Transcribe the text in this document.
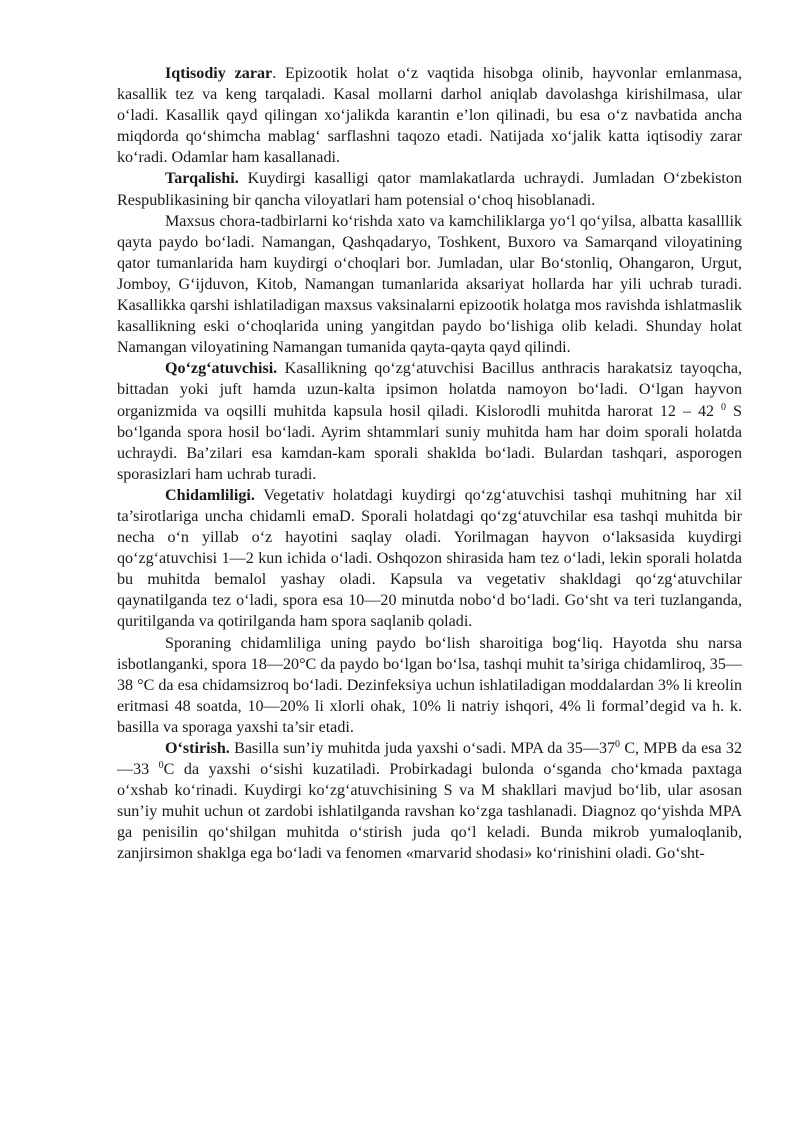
Iqtisodiy zarar. Epizootik holat o‘z vaqtida hisobga olinib, hayvonlar emlanmasa, kasallik tez va keng tarqaladi. Kasal mollarni darhol aniqlab davolashga kirishilmasa, ular o‘ladi. Kasallik qayd qilingan xo‘jalikda karantin e’lon qilinadi, bu esa o‘z navbatida ancha miqdorda qo‘shimcha mablag‘ sarflashni taqozo etadi. Natijada xo‘jalik katta iqtisodiy zarar ko‘radi. Odamlar ham kasallanadi.

Tarqalishi. Kuydirgi kasalligi qator mamlakatlarda uchraydi. Jumladan O‘zbekiston Respublikasining bir qancha viloyatlari ham potensial o‘choq hisoblanadi.

Maxsus chora-tadbirlarni ko‘rishda xato va kamchiliklarga yo‘l qo‘yilsa, albatta kasalllik qayta paydo bo‘ladi. Namangan, Qashqadaryo, Toshkent, Buxoro va Samarqand viloyatining qator tumanlarida ham kuydirgi o‘choqlari bor. Jumladan, ular Bo‘stonliq, Ohangaron, Urgut, Jomboy, G‘ijduvon, Kitob, Namangan tumanlarida aksariyat hollarda har yili uchrab turadi. Kasallikka qarshi ishlatiladigan maxsus vaksinalarni epizootik holatga mos ravishda ishlatmaslik kasallikning eski o‘choqlarida uning yangitdan paydo bo‘lishiga olib keladi. Shunday holat Namangan viloyatining Namangan tumanida qayta-qayta qayd qilindi.

Qo‘zg‘atuvchisi. Kasallikning qo‘zg‘atuvchisi Bacillus anthracis harakatsiz tayoqcha, bittadan yoki juft hamda uzun-kalta ipsimon holatda namoyon bo‘ladi. O‘lgan hayvon organizmida va oqsilli muhitda kapsula hosil qiladi. Kislorodli muhitda harorat 12 – 42 $^0$ S bo‘lganda spora hosil bo‘ladi. Ayrim shtammlari suniy muhitda ham har doim sporali holatda uchraydi. Ba’zilari esa kamdan-kam sporali shaklda bo‘ladi. Bulardan tashqari, asporogen sporasizlari ham uchrab turadi.

Chidamliligi. Vegetativ holatdagi kuydirgi qo‘zg‘atuvchisi tashqi muhitning har xil ta’sirotlariga uncha chidamli emaD. Sporali holatdagi qo‘zg‘atuvchilar esa tashqi muhitda bir necha o‘n yillab o‘z hayotini saqlay oladi. Yorilmagan hayvon o‘laksasida kuydirgi qo‘zg‘atuvchisi 1—2 kun ichida o‘ladi. Oshqozon shirasida ham tez o‘ladi, lekin sporali holatda bu muhitda bemalol yashay oladi. Kapsula va vegetativ shakldagi qo‘zg‘atuvchilar qaynatilganda tez o‘ladi, spora esa 10—20 minutda nobo‘d bo‘ladi. Go‘sht va teri tuzlanganda, quritilganda va qotirilganda ham spora saqlanib qoladi.

Sporaning chidamliliga uning paydo bo‘lish sharoitiga bog‘liq. Hayotda shu narsa isbotlanganki, spora 18—20°C da paydo bo‘lgan bo‘lsa, tashqi muhit ta’siriga chidamliroq, 35—38 °C da esa chidamsizroq bo‘ladi. Dezinfeksiya uchun ishlatiladigan moddalardan 3% li kreolin eritmasi 48 soatda, 10—20% li xlorli ohak, 10% li natriy ishqori, 4% li formal’degid va h. k. basilla va sporaga yaxshi ta’sir etadi.

O‘stirish. Basilla sun’iy muhitda juda yaxshi o‘sadi. MPA da $35—37^0$ C, MPB da esa 32—33 $^0$C da yaxshi o‘sishi kuzatiladi. Probirkadagi bulonda o‘sganda cho‘kmada paxtaga o‘xshab ko‘rinadi. Kuydirgi ko‘zg‘atuvchisining S va M shakllari mavjud bo‘lib, ular asosan sun’iy muhit uchun ot zardobi ishlatilganda ravshan ko‘zga tashlanadi. Diagnoz qo‘yishda MPA ga penisilin qo‘shilgan muhitda o‘stirish juda qo‘l keladi. Bunda mikrob yumaloqlanib, zanjirsimon shaklga ega bo‘ladi va fenomen «marvarid shodasi» ko‘rinishini oladi. Go‘sht-
